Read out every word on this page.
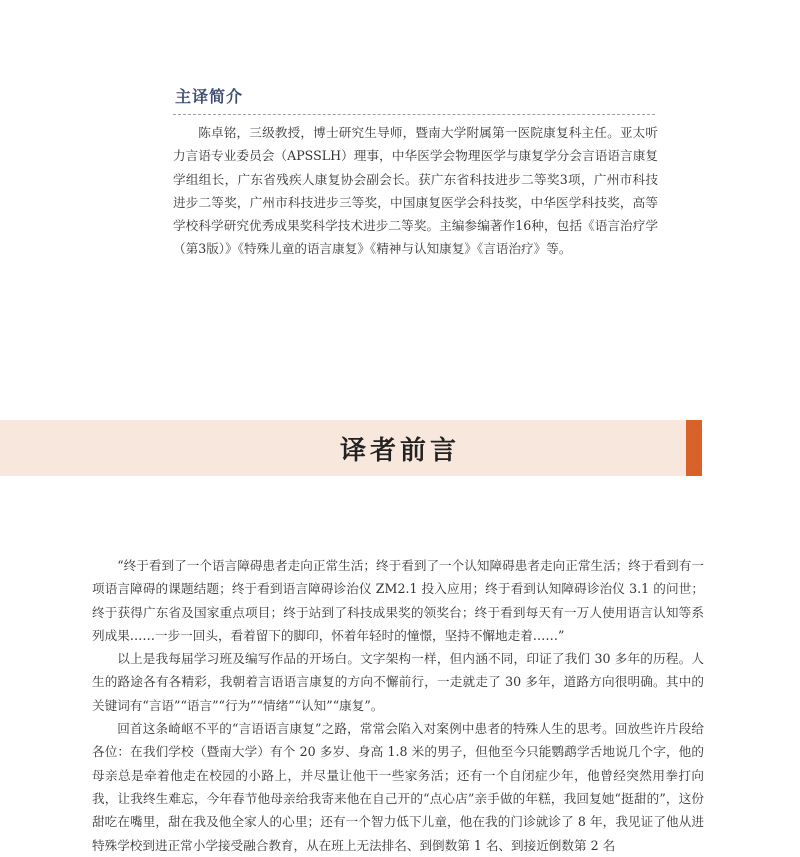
主译简介

陈卓铭，三级教授，博士研究生导师，暨南大学附属第一医院康复科主任。亚太听力言语专业委员会（APSSLH）理事，中华医学会物理医学与康复学分会言语语言康复学组组长，广东省残疾人康复协会副会长。获广东省科技进步二等奖3项，广州市科技进步二等奖，广州市科技进步三等奖，中国康复医学会科技奖，中华医学科技奖，高等学校科学研究优秀成果奖科学技术进步二等奖。主编参编著作16种，包括《语言治疗学（第3版）》《特殊儿童的语言康复》《精神与认知康复》《言语治疗》等。

译者前言

“终于看到了一个语言障碍患者走向正常生活；终于看到了一个认知障碍患者走向正常生活；终于看到有一项语言障碍的课题结题；终于看到语言障碍诊治仪 ZM2.1 投入应用；终于看到认知障碍诊治仪 3.1 的问世；终于获得广东省及国家重点项目；终于站到了科技成果奖的领奖台；终于看到每天有一万人使用语言认知等系列成果……一步一回头，看着留下的脚印，怀着年轻时的憧憬，坚持不懈地走着……”

以上是我每届学习班及编写作品的开场白。文字架构一样，但内涵不同，印证了我们 30 多年的历程。人生的路途各有各精彩，我朝着言语语言康复的方向不懈前行，一走就走了 30 多年，道路方向很明确。其中的关键词有“言语”“语言”“行为”“情绪”“认知”“康复”。

回首这条崎岖不平的“言语语言康复”之路，常常会陷入对案例中患者的特殊人生的思考。回放些许片段给各位：在我们学校（暨南大学）有个 20 多岁、身高 1.8 米的男子，但他至今只能鹦鹉学舌地说几个字，他的母亲总是牵着他走在校园的小路上，并尽量让他干一些家务活；还有一个自闭症少年，他曾经突然用拳打向我，让我终生难忘，今年春节他母亲给我寄来他在自己开的“点心店”亲手做的年糕，我回复她“挺甜的”，这份甜吃在嘴里，甜在我及他全家人的心里；还有一个智力低下儿童，他在我的门诊就诊了 8 年，我见证了他从进特殊学校到进正常小学接受融合教育，从在班上无法排名、到倒数第 1 名、到接近倒数第 2 名
